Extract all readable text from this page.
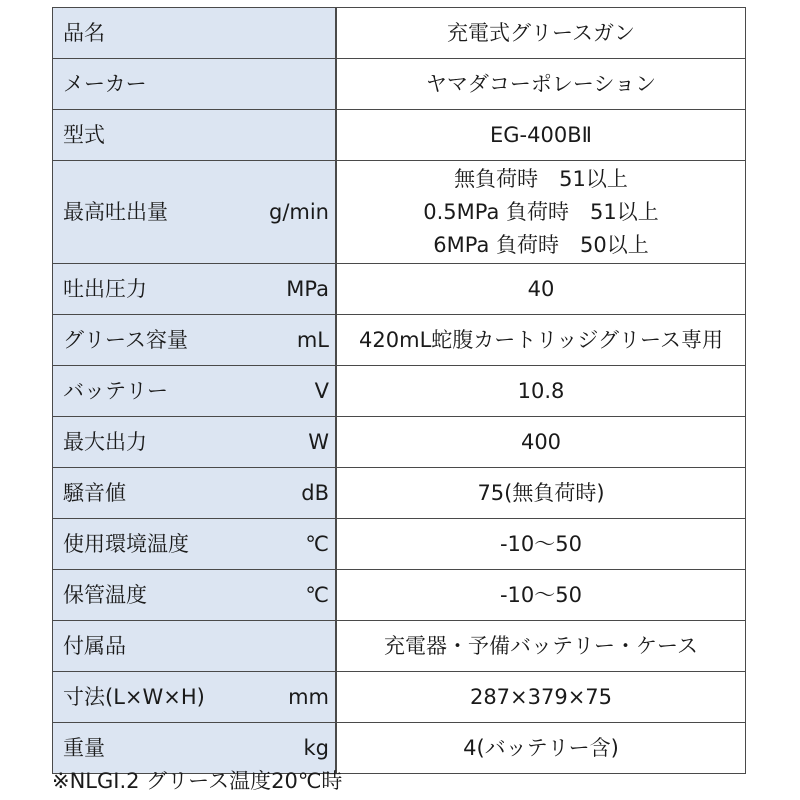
品名	充電式グリースガン

メーカー	ヤマダコーポレーション

型式	EG-400BⅡ

最高吐出量 g/min	無負荷時　51以上
0.5MPa 負荷時　51以上
6MPa 負荷時　50以上

吐出圧力 MPa	40

グリース容量 mL	420mL蛇腹カートリッジグリース専用

バッテリー V	10.8

最大出力 W	400

騒音値 dB	75(無負荷時)

使用環境温度 ℃	-10～50

保管温度 ℃	-10～50

付属品	充電器・予備バッテリー・ケース

寸法(L×W×H) mm	287×379×75

重量 kg	4(バッテリー含)
※NLGI.2 グリース温度20℃時
